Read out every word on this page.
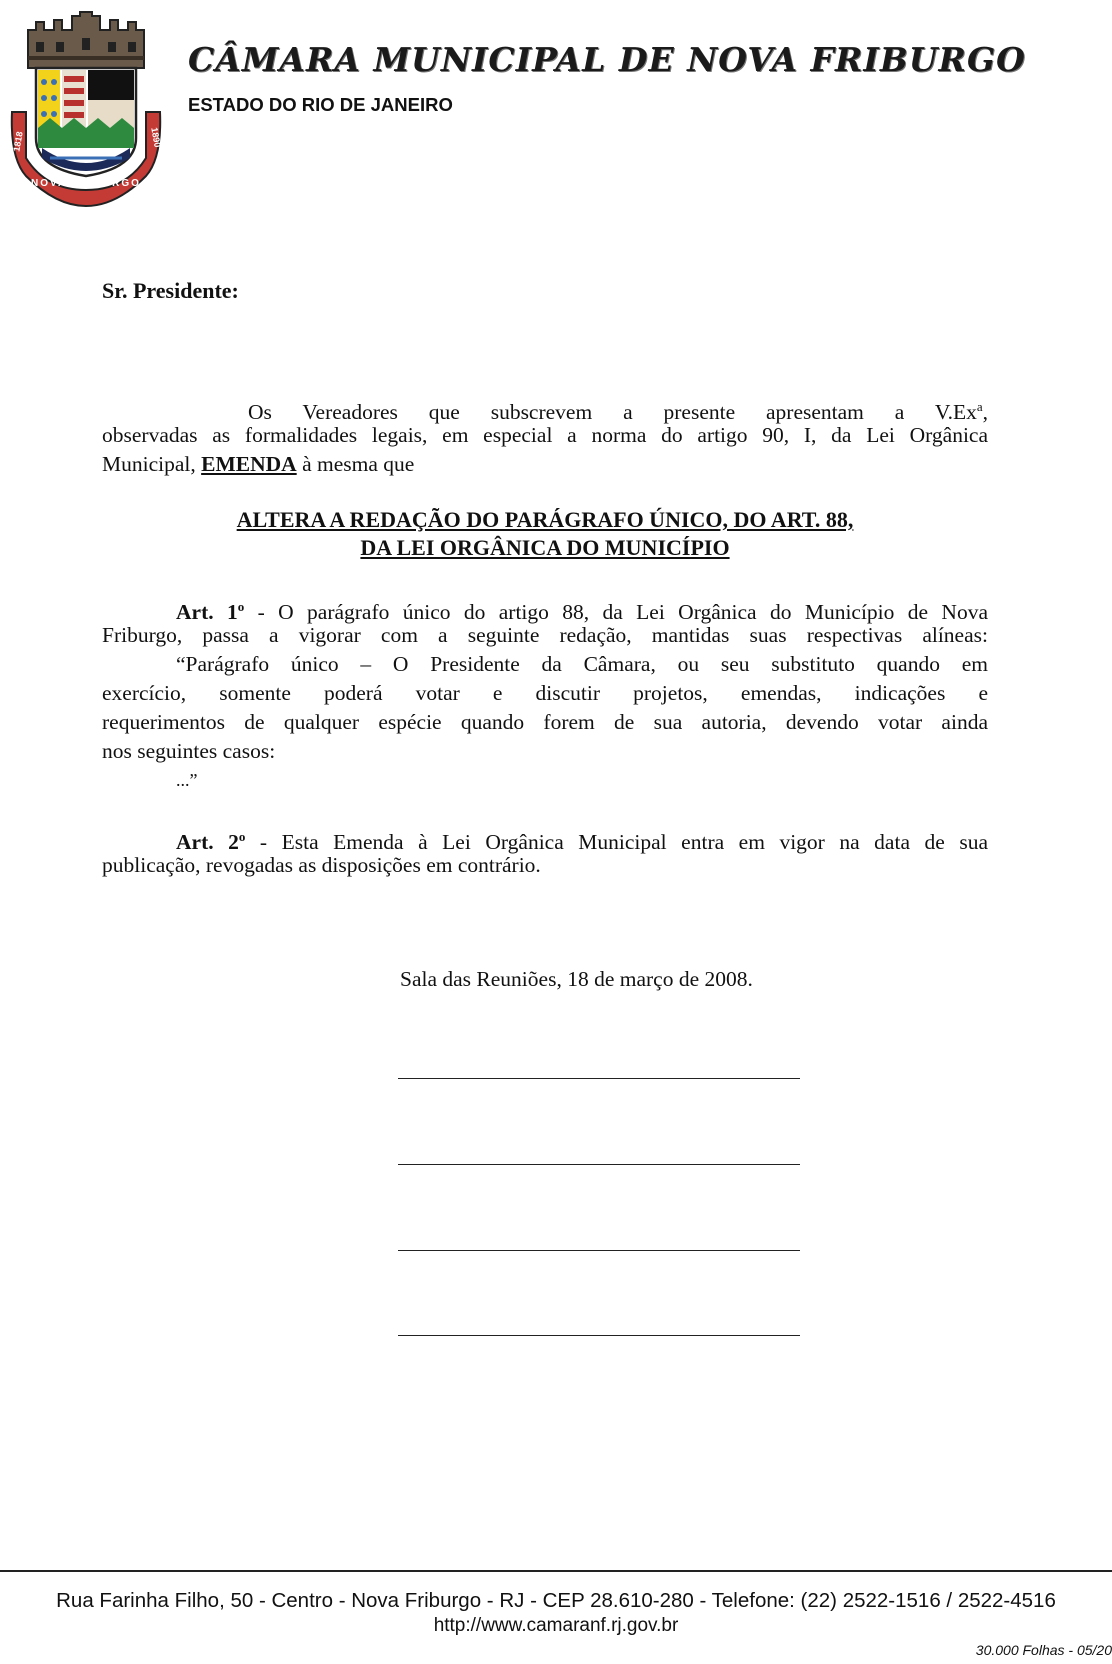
1818	1890
NOVA FRIBURGO
CÂMARA MUNICIPAL DE NOVA FRIBURGO
ESTADO DO RIO DE JANEIRO
Sr. Presidente:
Os Vereadores que subscrevem a presente apresentam a V.Ex$^a$,
observadas as formalidades legais, em especial a norma do artigo 90, I, da Lei Orgânica
Municipal, EMENDA à mesma que
ALTERA A REDAÇÃO DO PARÁGRAFO ÚNICO, DO ART. 88,
DA LEI ORGÂNICA DO MUNICÍPIO
Art. 1$^o$ - O parágrafo único do artigo 88, da Lei Orgânica do Município de Nova
Friburgo, passa a vigorar com a seguinte redação, mantidas suas respectivas alíneas:
“Parágrafo único – O Presidente da Câmara, ou seu substituto quando em
exercício, somente poderá votar e discutir projetos, emendas, indicações e
requerimentos de qualquer espécie quando forem de sua autoria, devendo votar ainda
nos seguintes casos:
...”
Art. 2$^o$ - Esta Emenda à Lei Orgânica Municipal entra em vigor na data de sua
publicação, revogadas as disposições em contrário.
Sala das Reuniões, 18 de março de 2008.
Rua Farinha Filho, 50 - Centro - Nova Friburgo - RJ - CEP 28.610-280 - Telefone: (22) 2522-1516 / 2522-4516
http://www.camaranf.rj.gov.br
30.000 Folhas - 05/20
